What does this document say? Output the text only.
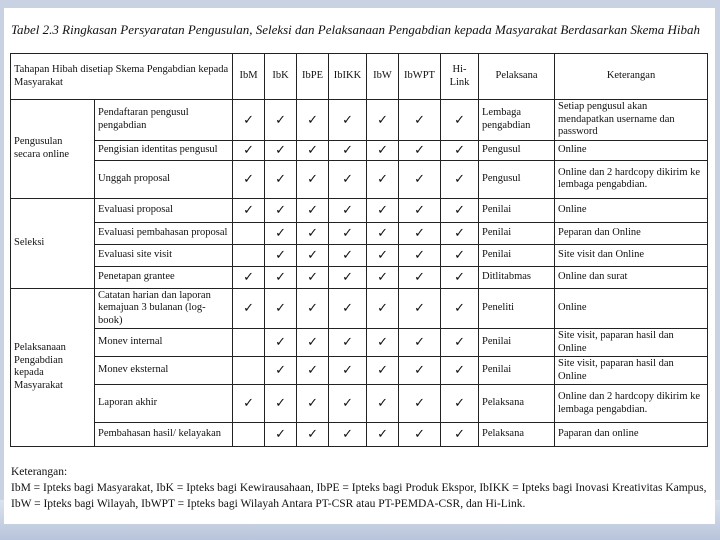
Tabel 2.3 Ringkasan Persyaratan Pengusulan, Seleksi dan Pelaksanaan Pengabdian kepada Masyarakat Berdasarkan Skema Hibah
Tahapan Hibah disetiap Skema Pengabdian kepada Masyarakat		IbM	IbK	IbPE	IbIKK	IbW	IbWPT	Hi-Link	Pelaksana	Keterangan
Pengusulan secara online	Pendaftaran pengusul pengabdian	✓	✓	✓	✓	✓	✓	✓	Lembaga pengabdian	Setiap pengusul akan mendapatkan username dan password
	Pengisian identitas pengusul	✓	✓	✓	✓	✓	✓	✓	Pengusul	Online
	Unggah proposal	✓	✓	✓	✓	✓	✓	✓	Pengusul	Online dan 2 hardcopy dikirim ke lembaga pengabdian.
Seleksi	Evaluasi proposal	✓	✓	✓	✓	✓	✓	✓	Penilai	Online
	Evaluasi pembahasan proposal		✓	✓	✓	✓	✓	✓	Penilai	Peparan dan Online
	Evaluasi site visit		✓	✓	✓	✓	✓	✓	Penilai	Site visit dan Online
	Penetapan grantee	✓	✓	✓	✓	✓	✓	✓	Ditlitabmas	Online dan surat
Pelaksanaan Pengabdian kepada Masyarakat	Catatan harian dan laporan kemajuan 3 bulanan (log-book)	✓	✓	✓	✓	✓	✓	✓	Peneliti	Online
	Monev internal		✓	✓	✓	✓	✓	✓	Penilai	Site visit, paparan hasil dan Online
	Monev eksternal		✓	✓	✓	✓	✓	✓	Penilai	Site visit, paparan hasil dan Online
	Laporan akhir	✓	✓	✓	✓	✓	✓	✓	Pelaksana	Online dan 2 hardcopy dikirim ke lembaga pengabdian.
	Pembahasan hasil/ kelayakan		✓	✓	✓	✓	✓	✓	Pelaksana	Paparan dan online
Keterangan:
IbM = Ipteks bagi Masyarakat, IbK = Ipteks bagi Kewirausahaan, IbPE = Ipteks bagi Produk Ekspor, IbIKK = Ipteks bagi Inovasi Kreativitas Kampus, IbW = Ipteks bagi Wilayah, IbWPT = Ipteks bagi Wilayah Antara PT-CSR atau PT-PEMDA-CSR, dan Hi-Link.
